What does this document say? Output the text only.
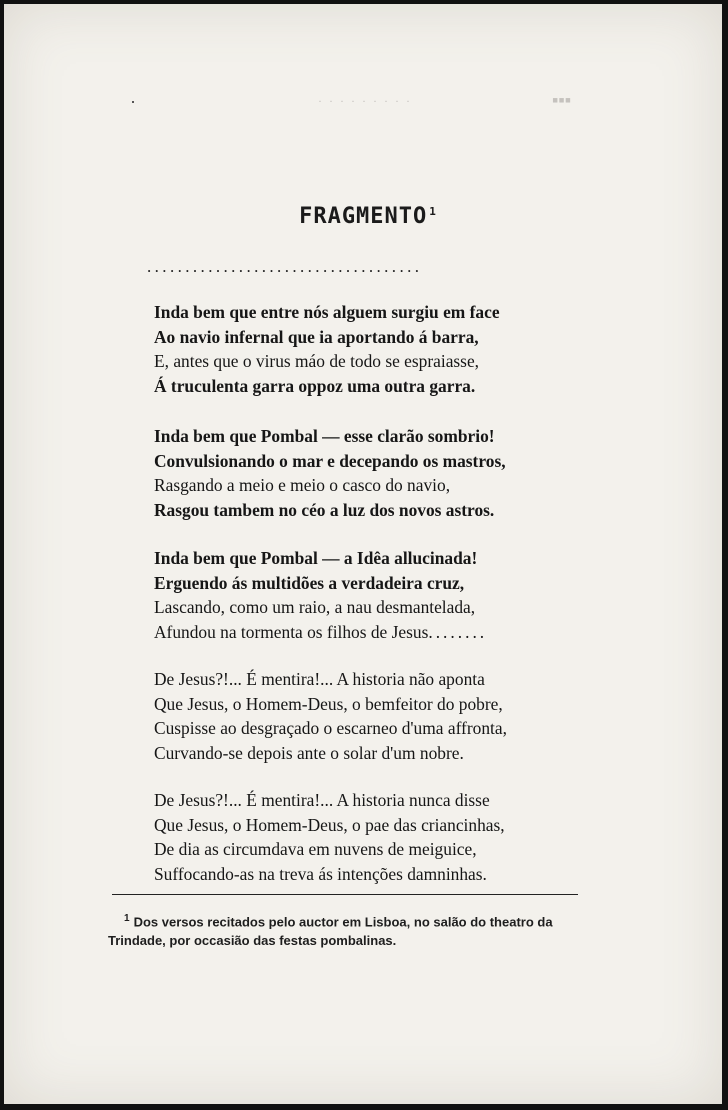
· · · · · · · · ·	▪▪▪
FRAGMENTO $^1$
....................................
Inda bem que entre nós alguem surgiu em face
Ao navio infernal que ia aportando á barra,
E, antes que o virus máo de todo se espraiasse,
Á truculenta garra oppoz uma outra garra.
Inda bem que Pombal — esse clarão sombrio!
Convulsionando o mar e decepando os mastros,
Rasgando a meio e meio o casco do navio,
Rasgou tambem no céo a luz dos novos astros.
Inda bem que Pombal — a Idêa allucinada!
Erguendo ás multidões a verdadeira cruz,
Lascando, como um raio, a nau desmantelada,
Afundou na tormenta os filhos de Jesus........
De Jesus?!... É mentira!... A historia não aponta
Que Jesus, o Homem-Deus, o bemfeitor do pobre,
Cuspisse ao desgraçado o escarneo d'uma affronta,
Curvando-se depois ante o solar d'um nobre.
De Jesus?!... É mentira!... A historia nunca disse
Que Jesus, o Homem-Deus, o pae das criancinhas,
De dia as circumdava em nuvens de meiguice,
Suffocando-as na treva ás intenções damninhas.
$^1$ Dos versos recitados pelo auctor em Lisboa, no salão do theatro da Trindade, por occasião das festas pombalinas.
